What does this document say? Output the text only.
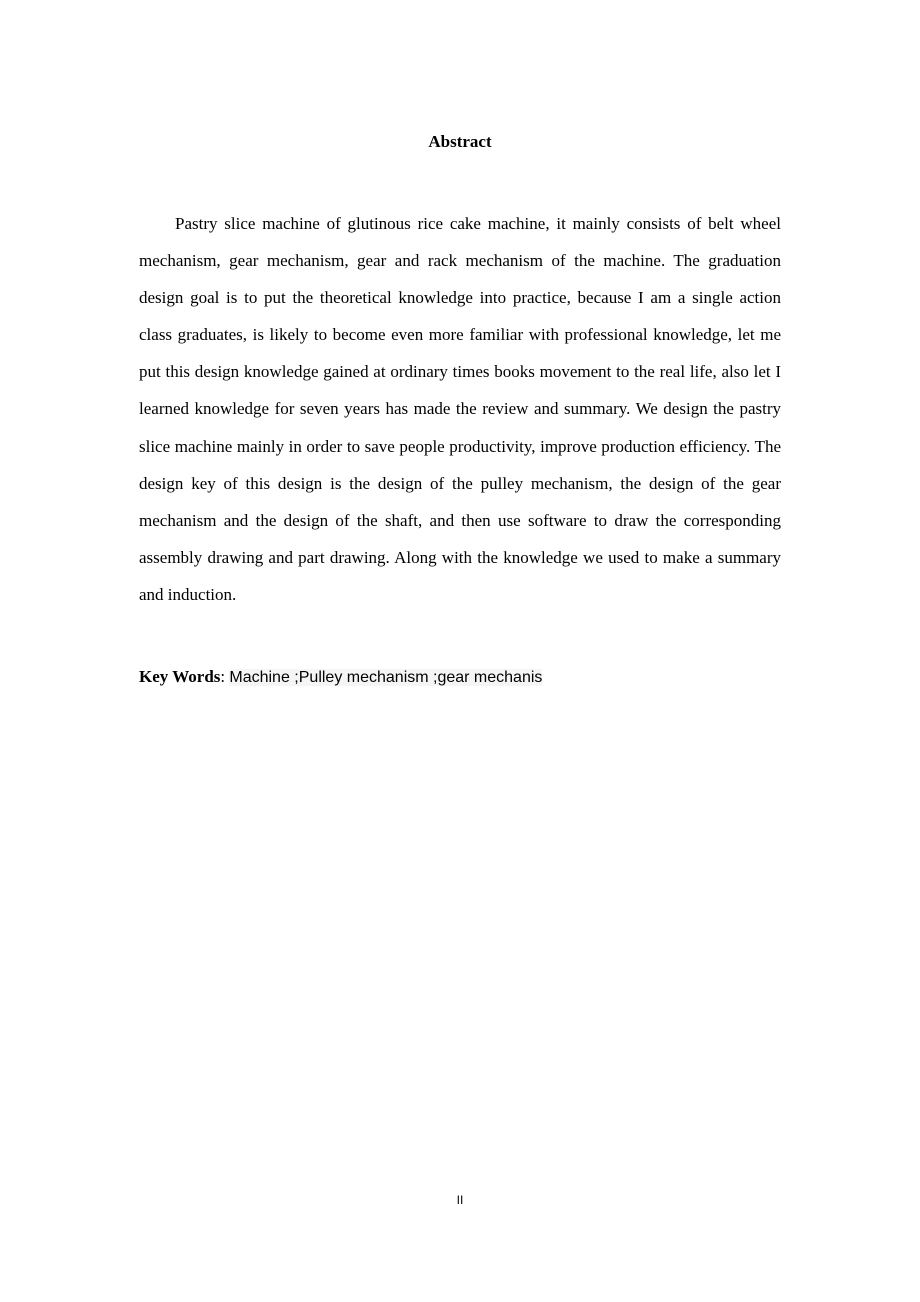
Abstract

Pastry slice machine of glutinous rice cake machine, it mainly consists of belt wheel mechanism, gear mechanism, gear and rack mechanism of the machine. The graduation design goal is to put the theoretical knowledge into practice, because I am a single action class graduates, is likely to become even more familiar with professional knowledge, let me put this design knowledge gained at ordinary times books movement to the real life, also let I learned knowledge for seven years has made the review and summary. We design the pastry slice machine mainly in order to save people productivity, improve production efficiency. The design key of this design is the design of the pulley mechanism, the design of the gear mechanism and the design of the shaft, and then use software to draw the corresponding assembly drawing and part drawing. Along with the knowledge we used to make a summary and induction.

Key Words: Machine ;Pulley mechanism ;gear mechanis

II
